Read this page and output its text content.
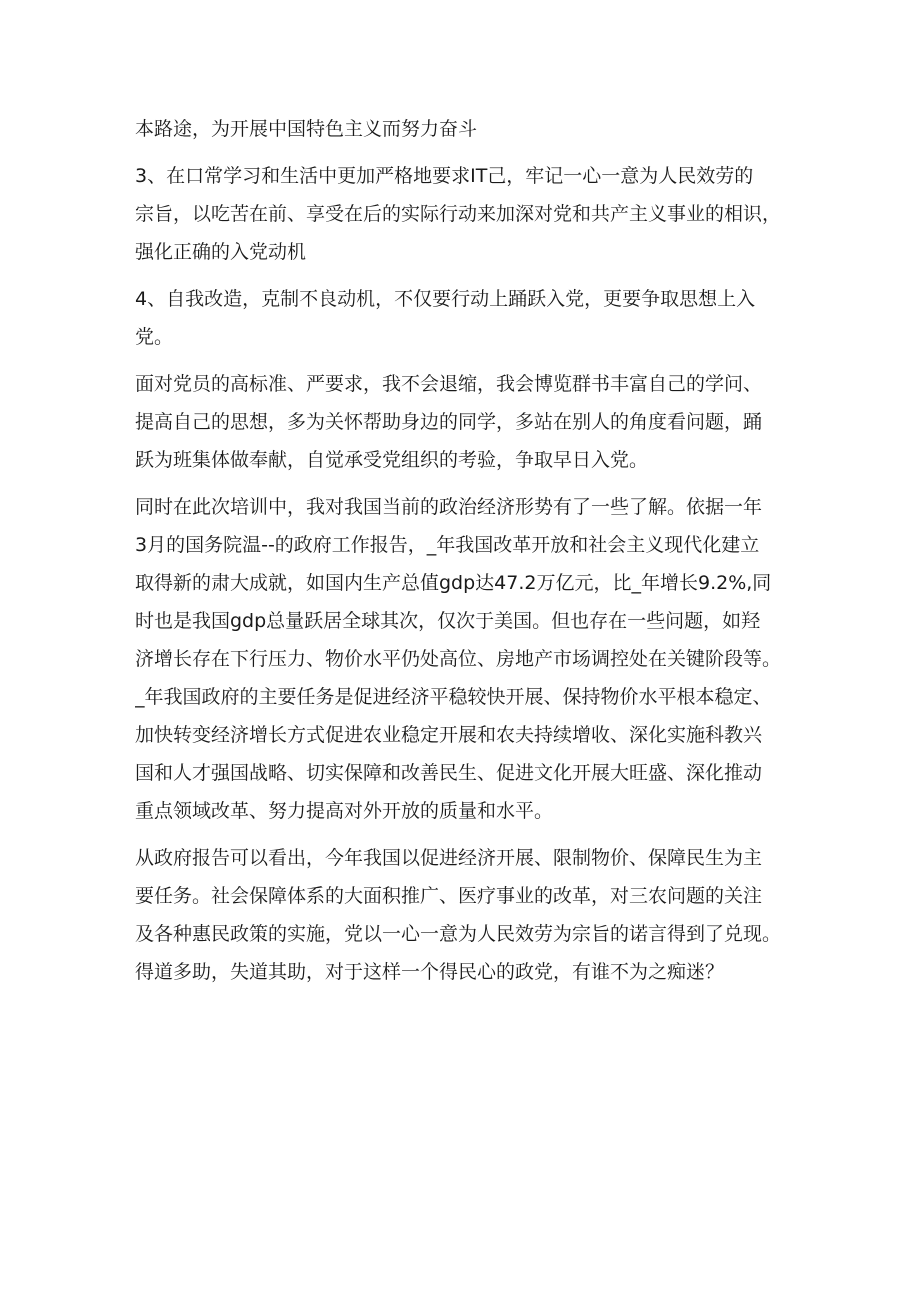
本路途，为开展中国特色主义而努力奋斗

3、在口常学习和生活中更加严格地要求IT己，牢记一心一意为人民效劳的
宗旨，以吃苦在前、享受在后的实际行动来加深对党和共产主义事业的相识，
强化正确的入党动机

4、自我改造，克制不良动机，不仅要行动上踊跃入党，更要争取思想上入
党。

面对党员的高标准、严要求，我不会退缩，我会博览群书丰富自己的学问、
提高自己的思想，多为关怀帮助身边的同学，多站在别人的角度看问题，踊
跃为班集体做奉献，自觉承受党组织的考验，争取早日入党。

同时在此次培训中，我对我国当前的政治经济形势有了一些了解。依据一年
3月的国务院温--的政府工作报告，_年我国改革开放和社会主义现代化建立
取得新的肃大成就，如国内生产总值gdp达47.2万亿元，比_年增长9.2%,同
时也是我国gdp总量跃居全球其次，仅次于美国。但也存在一些问题，如羟
济增长存在下行压力、物价水平仍处高位、房地产市场调控处在关键阶段等。
_年我国政府的主要任务是促进经济平稳较快开展、保持物价水平根本稳定、
加快转变经济增长方式促进农业稳定开展和农夫持续增收、深化实施科教兴
国和人才强国战略、切实保障和改善民生、促进文化开展大旺盛、深化推动
重点领域改革、努力提高对外开放的质量和水平。

从政府报告可以看出，今年我国以促进经济开展、限制物价、保障民生为主
要任务。社会保障体系的大面积推广、医疗事业的改革，对三农问题的关注
及各种惠民政策的实施，党以一心一意为人民效劳为宗旨的诺言得到了兑现。
得道多助，失道其助，对于这样一个得民心的政党，有谁不为之痴迷？
